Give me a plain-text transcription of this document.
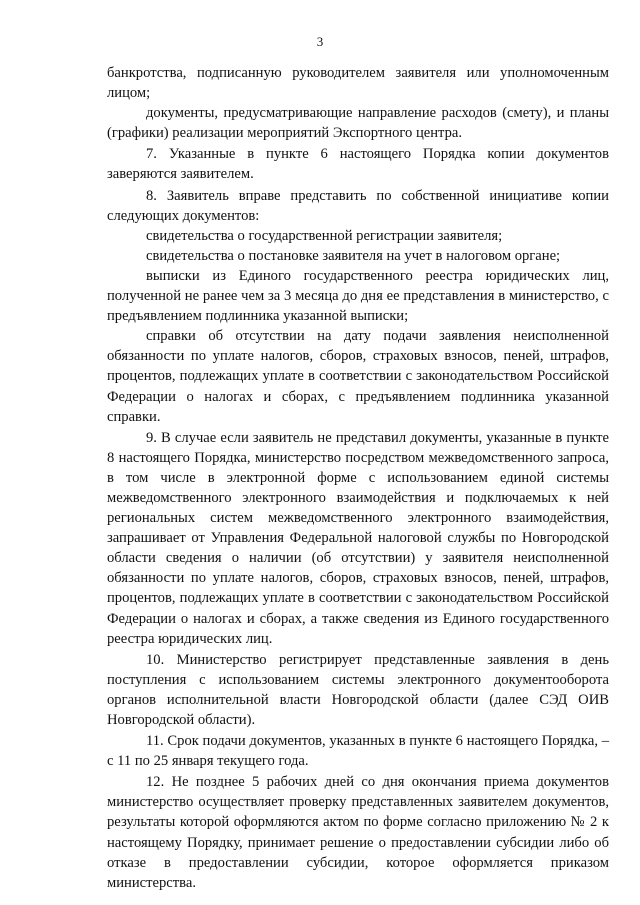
3

банкротства, подписанную руководителем заявителя или уполномоченным лицом;

документы, предусматривающие направление расходов (смету), и планы (графики) реализации мероприятий Экспортного центра.

7. Указанные в пункте 6 настоящего Порядка копии документов заверяются заявителем.

8. Заявитель вправе представить по собственной инициативе копии следующих документов:

свидетельства о государственной регистрации заявителя;

свидетельства о постановке заявителя на учет в налоговом органе;

выписки из Единого государственного реестра юридических лиц, полученной не ранее чем за 3 месяца до дня ее представления в министерство, с предъявлением подлинника указанной выписки;

справки об отсутствии на дату подачи заявления неисполненной обязанности по уплате налогов, сборов, страховых взносов, пеней, штрафов, процентов, подлежащих уплате в соответствии с законодательством Российской Федерации о налогах и сборах, с предъявлением подлинника указанной справки.

9. В случае если заявитель не представил документы, указанные в пункте 8 настоящего Порядка, министерство посредством межведомственного запроса, в том числе в электронной форме с использованием единой системы межведомственного электронного взаимодействия и подключаемых к ней региональных систем межведомственного электронного взаимодействия, запрашивает от Управления Федеральной налоговой службы по Новгородской области сведения о наличии (об отсутствии) у заявителя неисполненной обязанности по уплате налогов, сборов, страховых взносов, пеней, штрафов, процентов, подлежащих уплате в соответствии с законодательством Российской Федерации о налогах и сборах, а также сведения из Единого государственного реестра юридических лиц.

10. Министерство регистрирует представленные заявления в день поступления с использованием системы электронного документооборота органов исполнительной власти Новгородской области (далее СЭД ОИВ Новгородской области).

11. Срок подачи документов, указанных в пункте 6 настоящего Порядка, – с 11 по 25 января текущего года.

12. Не позднее 5 рабочих дней со дня окончания приема документов министерство осуществляет проверку представленных заявителем документов, результаты которой оформляются актом по форме согласно приложению № 2 к настоящему Порядку, принимает решение о предоставлении субсидии либо об отказе в предоставлении субсидии, которое оформляется приказом министерства.
